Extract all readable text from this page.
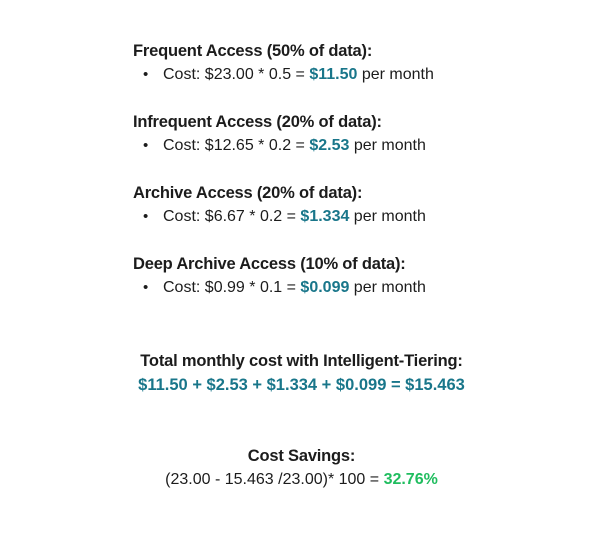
Frequent Access (50% of data):
• Cost: $23.00 * 0.5 = $11.50 per month

Infrequent Access (20% of data):
• Cost: $12.65 * 0.2 = $2.53 per month

Archive Access (20% of data):
• Cost: $6.67 * 0.2 = $1.334 per month

Deep Archive Access (10% of data):
• Cost: $0.99 * 0.1 = $0.099 per month

Total monthly cost with Intelligent-Tiering:

$11.50 + $2.53 + $1.334 + $0.099 = $15.463

Cost Savings:

(23.00 - 15.463 /23.00)* 100 = 32.76%
